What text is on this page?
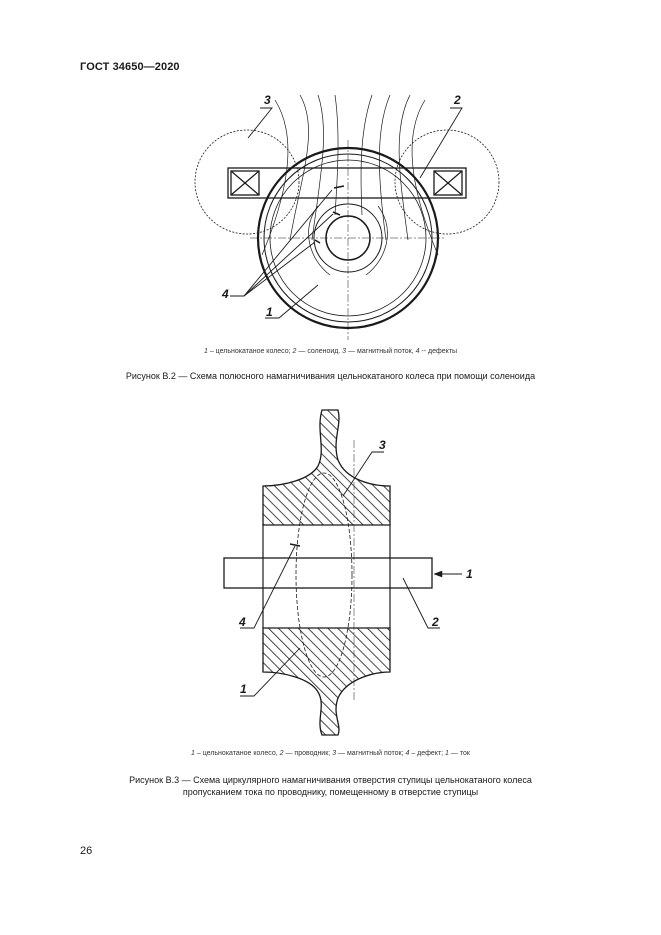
ГОСТ 34650—2020
3	2
4
1
1 – цельнокатаное колесо; 2 — соленоид. 3 — магнитный поток, 4 -- дефекты
Рисунок В.2 — Схема полюсного намагничивания цельнокатаного колеса при помощи соленоида
3
4	2
1
1
1 – цельнокатаное колесо, 2 — проводник; 3 — магнитный поток; 4 – дефект; 1 — ток
Рисунок В.3 — Схема циркулярного намагничивания отверстия ступицы цельнокатаного колеса
пропусканием тока по проводнику, помещенному в отверстие ступицы
26
